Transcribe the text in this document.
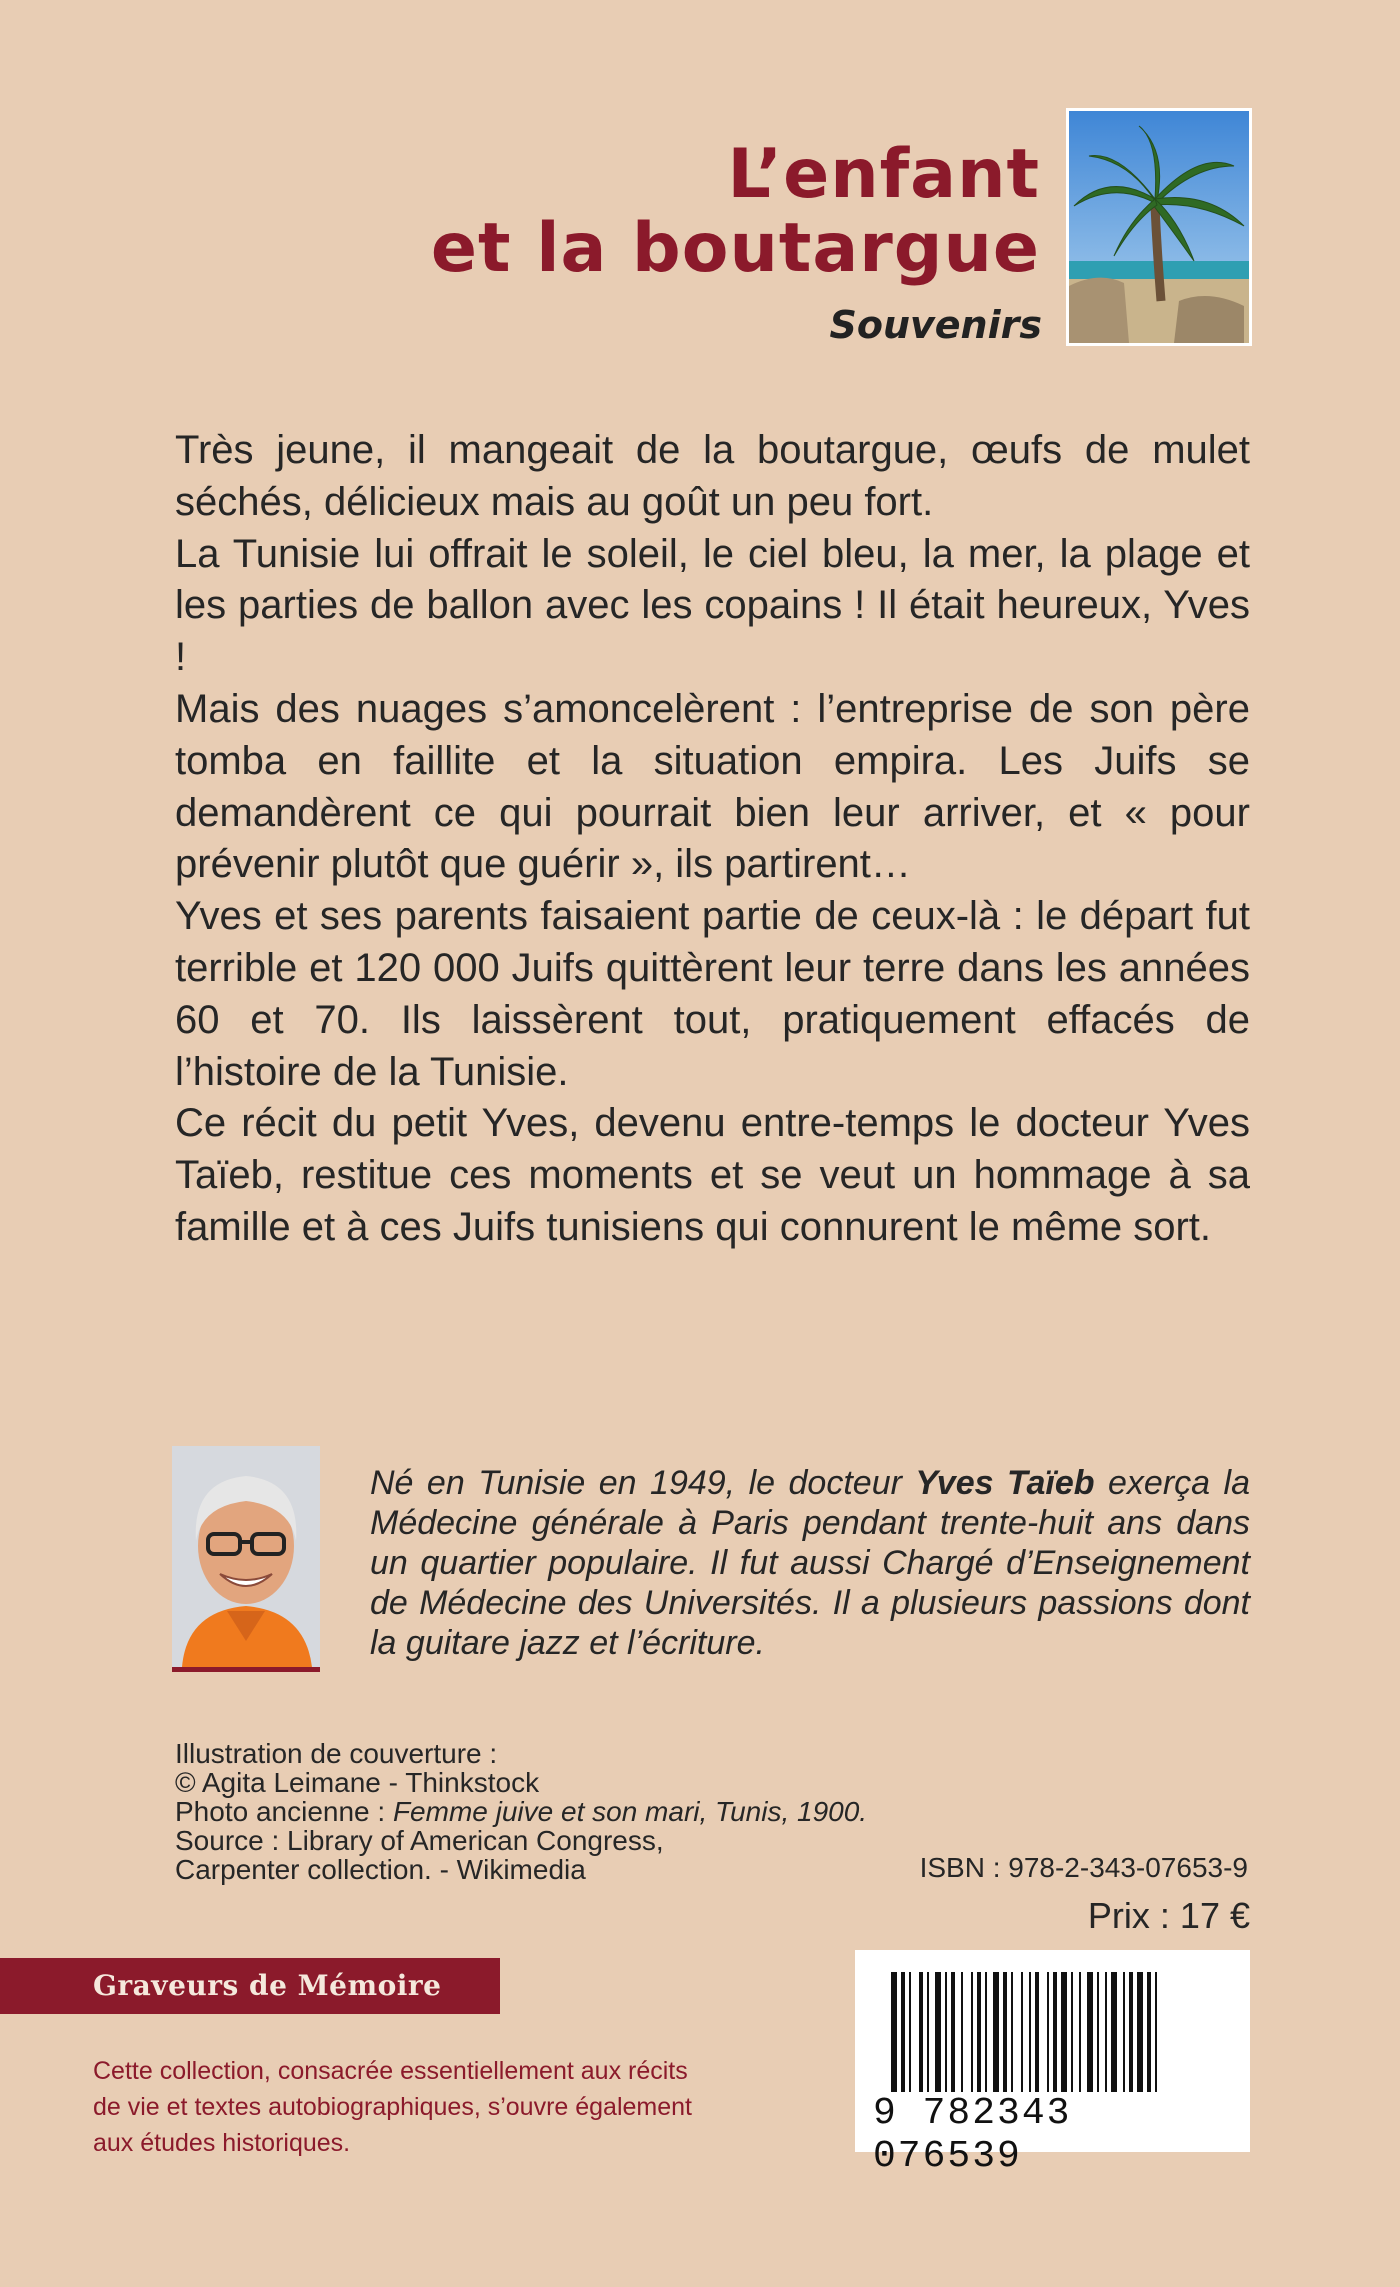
L’enfant
et la boutargue
Souvenirs

Très jeune, il mangeait de la boutargue, œufs de mulet séchés, délicieux mais au goût un peu fort.

La Tunisie lui offrait le soleil, le ciel bleu, la mer, la plage et les parties de ballon avec les copains ! Il était heureux, Yves !

Mais des nuages s’amoncelèrent : l’entreprise de son père tomba en faillite et la situation empira. Les Juifs se demandèrent ce qui pourrait bien leur arriver, et « pour prévenir plutôt que guérir », ils partirent…

Yves et ses parents faisaient partie de ceux-là : le départ fut terrible et 120 000 Juifs quittèrent leur terre dans les années 60 et 70. Ils laissèrent tout, pratiquement effacés de l’histoire de la Tunisie.

Ce récit du petit Yves, devenu entre-temps le docteur Yves Taïeb, restitue ces moments et se veut un hommage à sa famille et à ces Juifs tunisiens qui connurent le même sort.

Né en Tunisie en 1949, le docteur Yves Taïeb exerça la Médecine générale à Paris pendant trente-huit ans dans un quartier populaire. Il fut aussi Chargé d’Enseignement de Médecine des Universités. Il a plusieurs passions dont la guitare jazz et l’écriture.
Illustration de couverture :
© Agita Leimane - Thinkstock
Photo ancienne : Femme juive et son mari, Tunis, 1900.
Source : Library of American Congress,
Carpenter collection. - Wikimedia	ISBN : 978-2-343-07653-9
Prix : 17 €
Graveurs de Mémoire
Cette collection, consacrée essentiellement aux récits
de vie et textes autobiographiques, s’ouvre également
aux études historiques.
9 782343 076539
